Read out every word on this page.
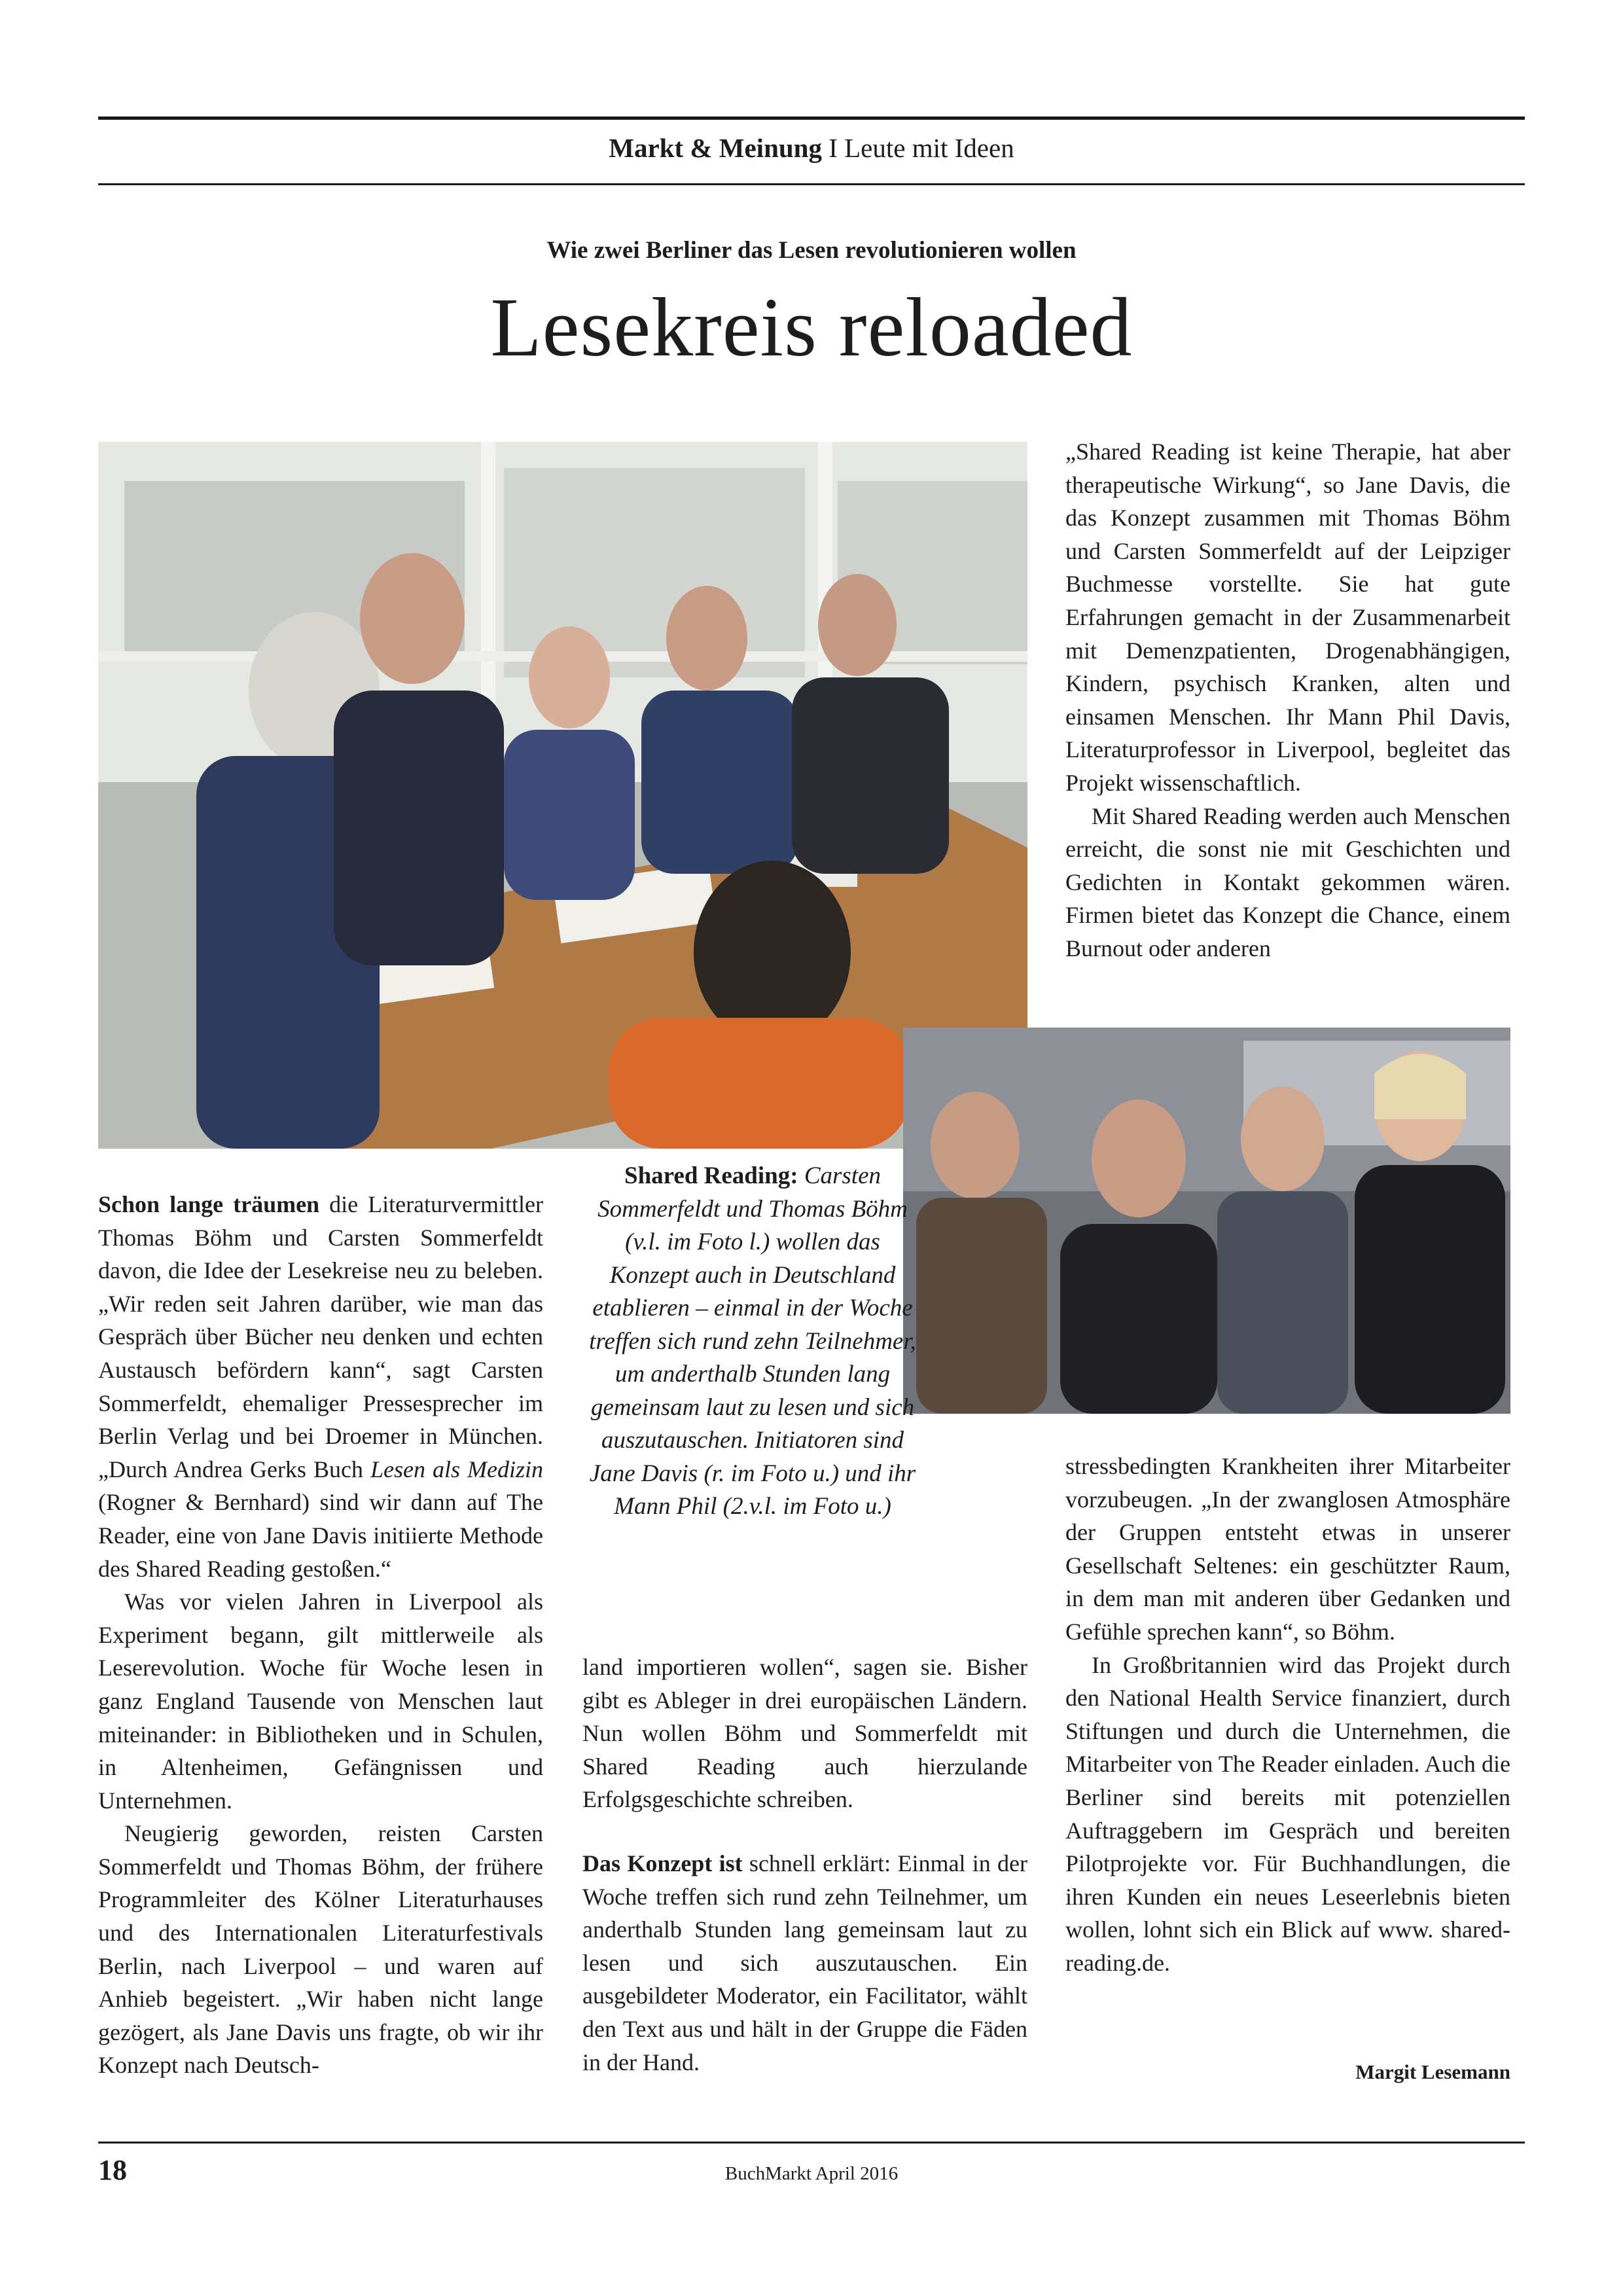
Markt & Meinung I Leute mit Ideen
Wie zwei Berliner das Lesen revolutionieren wollen
Lesekreis reloaded

„Shared Reading ist keine Therapie, hat aber therapeutische Wirkung“, so Jane Davis, die das Konzept zusammen mit Thomas Böhm und Carsten Sommerfeldt auf der Leipziger Buchmesse vorstellte. Sie hat gute Erfahrungen gemacht in der Zusammenarbeit mit Demenzpatienten, Drogenabhängigen, Kindern, psychisch Kranken, alten und einsamen Menschen. Ihr Mann Phil Davis, Literaturprofessor in Liverpool, begleitet das Projekt wissenschaftlich.

Mit Shared Reading werden auch Menschen erreicht, die sonst nie mit Geschichten und Gedichten in Kontakt gekommen wären. Firmen bietet das Konzept die Chance, einem Burnout oder anderen

Shared Reading: Carsten Sommerfeldt und Thomas Böhm (v.l. im Foto l.) wollen das Konzept auch in Deutschland etablieren – einmal in der Woche treffen sich rund zehn Teilnehmer, um anderthalb Stunden lang gemeinsam laut zu lesen und sich auszutauschen. Initiatoren sind Jane Davis (r. im Foto u.) und ihr Mann Phil (2.v.l. im Foto u.)

Schon lange träumen die Literaturvermittler Thomas Böhm und Carsten Sommerfeldt davon, die Idee der Lesekreise neu zu beleben. „Wir reden seit Jahren darüber, wie man das Gespräch über Bücher neu denken und echten Austausch befördern kann“, sagt Carsten Sommerfeldt, ehemaliger Pressesprecher im Berlin Verlag und bei Droemer in München. „Durch Andrea Gerks Buch Lesen als Medizin (Rogner & Bernhard) sind wir dann auf The Reader, eine von Jane Davis initiierte Methode des Shared Reading gestoßen.“

Was vor vielen Jahren in Liverpool als Experiment begann, gilt mittlerweile als Leserevolution. Woche für Woche lesen in ganz England Tausende von Menschen laut miteinander: in Bibliotheken und in Schulen, in Altenheimen, Gefängnissen und Unternehmen.

Neugierig geworden, reisten Carsten Sommerfeldt und Thomas Böhm, der frühere Programmleiter des Kölner Literaturhauses und des Internationalen Literaturfestivals Berlin, nach Liverpool – und waren auf Anhieb begeistert. „Wir haben nicht lange gezögert, als Jane Davis uns fragte, ob wir ihr Konzept nach Deutsch-

land importieren wollen“, sagen sie. Bisher gibt es Ableger in drei europäischen Ländern. Nun wollen Böhm und Sommerfeldt mit Shared Reading auch hierzulande Erfolgsgeschichte schreiben.

Das Konzept ist schnell erklärt: Einmal in der Woche treffen sich rund zehn Teilnehmer, um anderthalb Stunden lang gemeinsam laut zu lesen und sich auszutauschen. Ein ausgebildeter Moderator, ein Facilitator, wählt den Text aus und hält in der Gruppe die Fäden in der Hand.

stressbedingten Krankheiten ihrer Mitarbeiter vorzubeugen. „In der zwanglosen Atmosphäre der Gruppen entsteht etwas in unserer Gesellschaft Seltenes: ein geschützter Raum, in dem man mit anderen über Gedanken und Gefühle sprechen kann“, so Böhm.

In Großbritannien wird das Projekt durch den National Health Service finanziert, durch Stiftungen und durch die Unternehmen, die Mitarbeiter von The Reader einladen. Auch die Berliner sind bereits mit potenziellen Auftraggebern im Gespräch und bereiten Pilotprojekte vor. Für Buchhandlungen, die ihren Kunden ein neues Leseerlebnis bieten wollen, lohnt sich ein Blick auf www. shared-reading.de.

Margit Lesemann
18	BuchMarkt April 2016
